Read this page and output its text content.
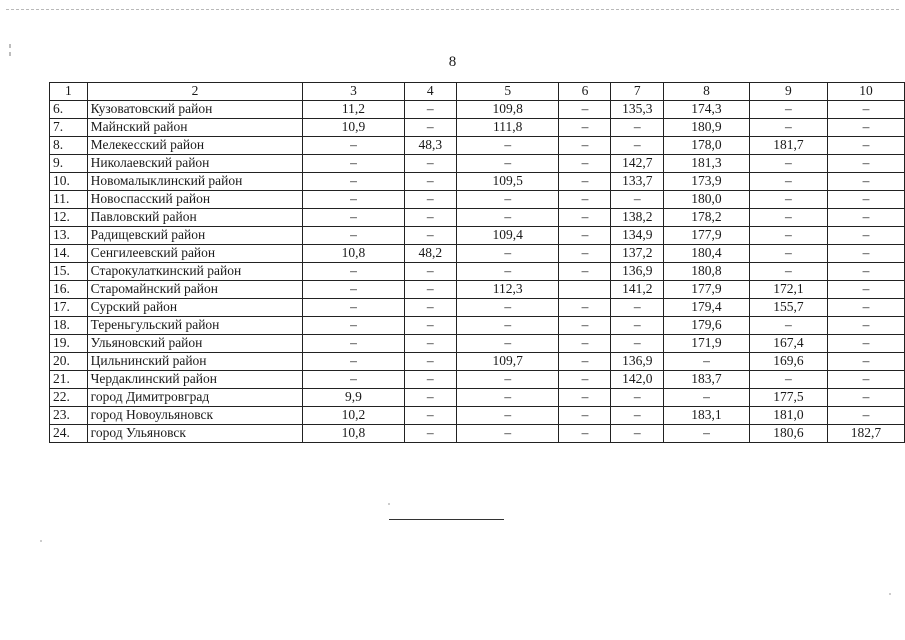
8
1	2	3	4	5	6	7	8	9	10
6.	Кузоватовский район	11,2	–	109,8	–	135,3	174,3	–	–
7.	Майнский район	10,9	–	111,8	–	–	180,9	–	–
8.	Мелекесский район	–	48,3	–	–	–	178,0	181,7	–
9.	Николаевский район	–	–	–	–	142,7	181,3	–	–
10.	Новомалыклинский район	–	–	109,5	–	133,7	173,9	–	–
11.	Новоспасский район	–	–	–	–	–	180,0	–	–
12.	Павловский район	–	–	–	–	138,2	178,2	–	–
13.	Радищевский район	–	–	109,4	–	134,9	177,9	–	–
14.	Сенгилеевский район	10,8	48,2	–	–	137,2	180,4	–	–
15.	Старокулаткинский район	–	–	–	–	136,9	180,8	–	–
16.	Старомайнский район	–	–	112,3		141,2	177,9	172,1	–
17.	Сурский район	–	–	–	–	–	179,4	155,7	–
18.	Тереньгульский район	–	–	–	–	–	179,6	–	–
19.	Ульяновский район	–	–	–	–	–	171,9	167,4	–
20.	Цильнинский район	–	–	109,7	–	136,9	–	169,6	–
21.	Чердаклинский район	–	–	–	–	142,0	183,7	–	–
22.	город Димитровград	9,9	–	–	–	–	–	177,5	–
23.	город Новоульяновск	10,2	–	–	–	–	183,1	181,0	–
24.	город Ульяновск	10,8	–	–	–	–	–	180,6	182,7
